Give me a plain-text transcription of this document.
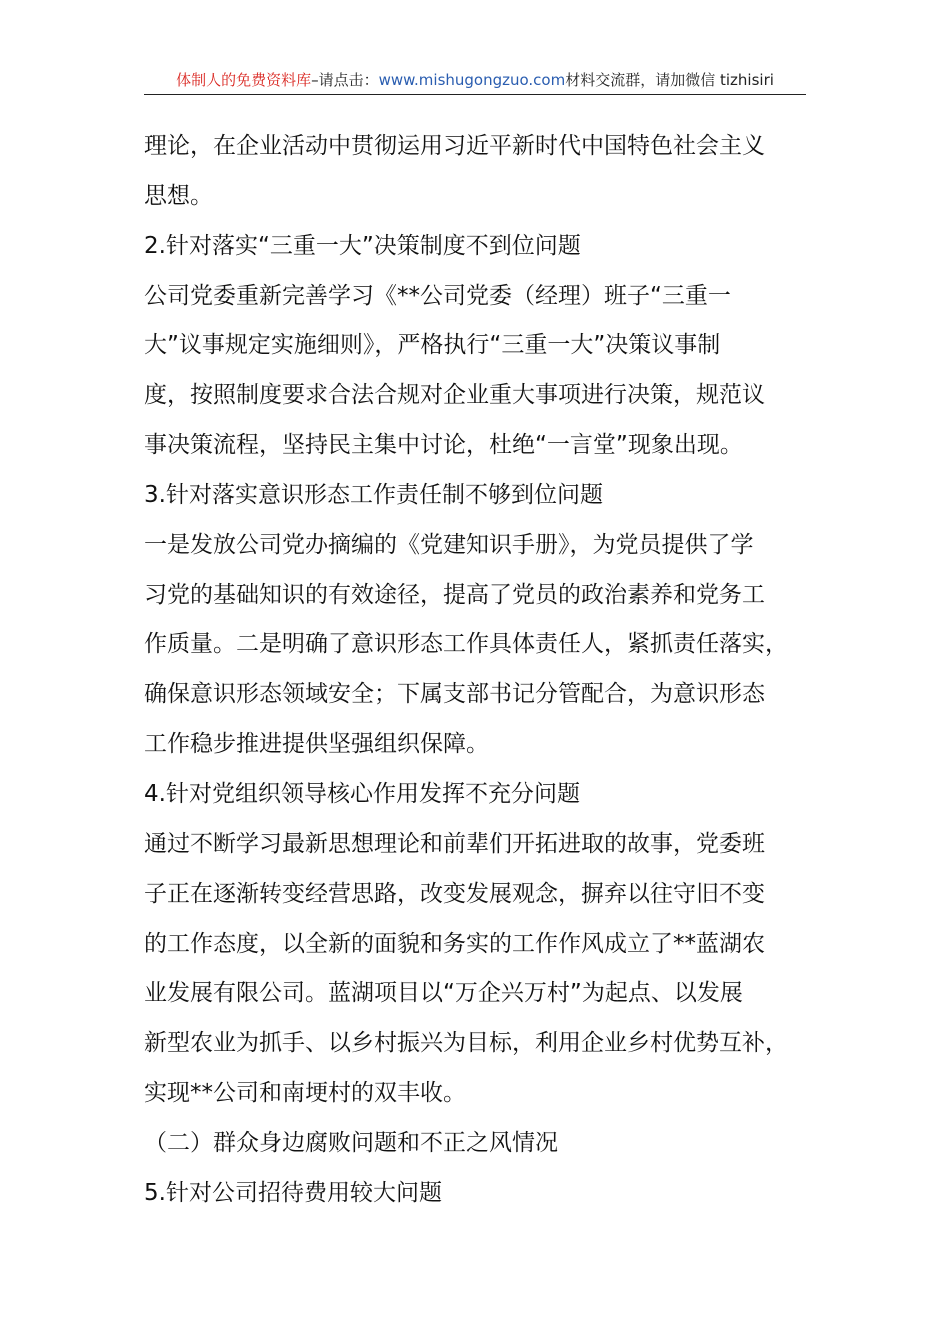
体制人的免费资料库–请点击：www.mishugongzuo.com材料交流群，请加微信 tizhisiri
理论，在企业活动中贯彻运用习近平新时代中国特色社会主义
思想。
2.针对落实“三重一大”决策制度不到位问题
公司党委重新完善学习《**公司党委（经理）班子“三重一
大”议事规定实施细则》，严格执行“三重一大”决策议事制
度，按照制度要求合法合规对企业重大事项进行决策，规范议
事决策流程，坚持民主集中讨论，杜绝“一言堂”现象出现。
3.针对落实意识形态工作责任制不够到位问题
一是发放公司党办摘编的《党建知识手册》，为党员提供了学
习党的基础知识的有效途径，提高了党员的政治素养和党务工
作质量。二是明确了意识形态工作具体责任人，紧抓责任落实，
确保意识形态领域安全；下属支部书记分管配合，为意识形态
工作稳步推进提供坚强组织保障。
4.针对党组织领导核心作用发挥不充分问题
通过不断学习最新思想理论和前辈们开拓进取的故事，党委班
子正在逐渐转变经营思路，改变发展观念，摒弃以往守旧不变
的工作态度，以全新的面貌和务实的工作作风成立了**蓝湖农
业发展有限公司。蓝湖项目以“万企兴万村”为起点、以发展
新型农业为抓手、以乡村振兴为目标，利用企业乡村优势互补，
实现**公司和南埂村的双丰收。
（二）群众身边腐败问题和不正之风情况
5.针对公司招待费用较大问题
